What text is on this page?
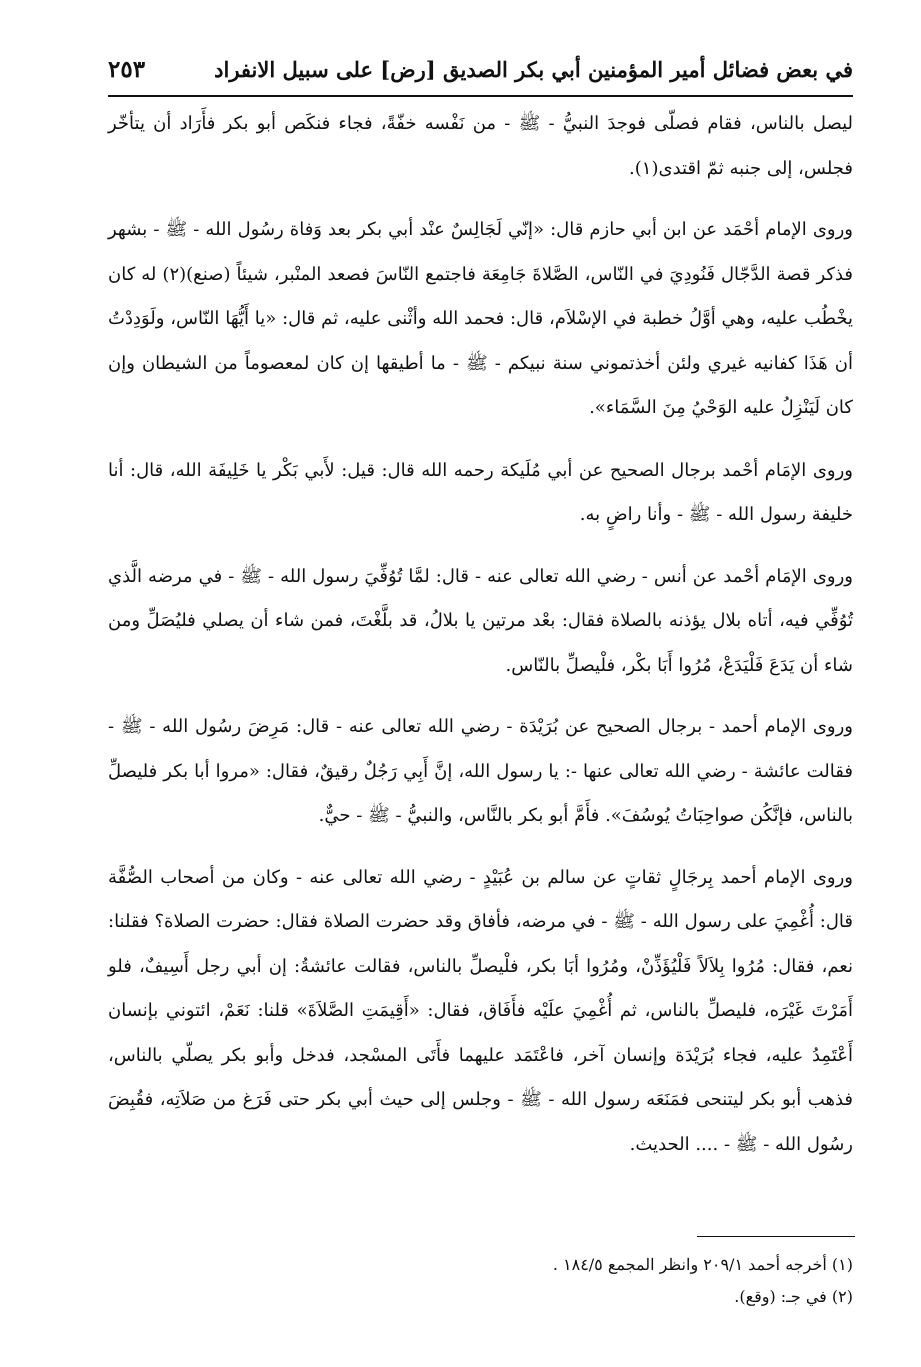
في بعض فضائل أمير المؤمنين أبي بكر الصديق [رض] على سبيل الانفراد
٢٥٣

ليصل بالناس، فقام فصلّى فوجدَ النبيُّ - ﷺ - من نَفْسه خفّةً، فجاء فنكَص أبو بكر فأَرَاد أن يتأخّر فجلس، إلى جنبه ثمّ اقتدى(١).

وروى الإمام أحْمَد عن ابن أبي حازم قال: «إنّي لَجَالِسٌ عنْد أبي بكر بعد وَفاة رسُول الله - ﷺ - بشهر فذكر قصة الدَّجّال فَنُودِيَ في النّاس، الصَّلاةَ جَامِعَة فاجتمع النّاسَ فصعد المنْبر، شيئاً (صنع)(٢) له كان يخْطُب عليه، وهي أوَّلُ خطبة في الإسْلاَم، قال: فحمد الله وأثْنى عليه، ثم قال: «يا أَيُّهَا النّاس، ولَوَدِدْتُ أن هَذَا كفانيه غيري ولئن أخذتموني سنة نبيكم - ﷺ - ما أطيقها إن كان لمعصوماً من الشيطان وإن كان لَيَنْزِلُ عليه الوَحْيُ مِنَ السَّمَاء».

وروى الإمَام أحْمد برجال الصحيح عن أبي مُلَيكة رحمه الله قال: قيل: لأَبي بَكْر يا خَلِيفَة الله، قال: أنا خليفة رسول الله - ﷺ - وأنا راضٍ به.

وروى الإمَام أحْمد عن أنس - رضي الله تعالى عنه - قال: لمَّا تُوُفِّيَ رسول الله - ﷺ - في مرضه الَّذي تُوُفِّي فيه، أتاه بلال يؤذنه بالصلاة فقال: بعْد مرتين يا بلالُ، قد بلَّغْتَ، فمن شاء أن يصلي فليُصَلِّ ومن شاء أن يَدَعَ فَلْيَدَعْ، مُرُوا أَبَا بكْر، فلْيصلِّ بالنّاس.

وروى الإمام أحمد - برجال الصحيح عن بُرَيْدَة - رضي الله تعالى عنه - قال: مَرِضَ رسُول الله - ﷺ - فقالت عائشة - رضي الله تعالى عنها -: يا رسول الله، إنَّ أَبِي رَجُلٌ رقيقٌ، فقال: «مروا أبا بكر فليصلِّ بالناس، فإنَّكُن صواحِبَاتُ يُوسُفَ». فأَمَّ أبو بكر بالنَّاس، والنبيُّ - ﷺ - حيٌّ.

وروى الإمام أحمد بِرجَالٍ ثقاتٍ عن سالم بن عُبَيْدٍ - رضي الله تعالى عنه - وكان من أصحاب الصُّفَّة قال: أُغْمِيَ على رسول الله - ﷺ - في مرضه، فأفاق وقد حضرت الصلاة فقال: حضرت الصلاة؟ فقلنا: نعم، فقال: مُرُوا بِلاَلاً فَلْيُؤَذِّنْ، ومُرُوا أبَا بكر، فلْيصلِّ بالناس، فقالت عائشةُ: إن أبي رجل أَسِيفٌ، فلو أَمَرْتَ غَيْرَه، فليصلِّ بالناس، ثم أُغْمِيَ علَيْه فأَفَاق، فقال: «أَقِيمَتِ الصَّلاَةَ» قلنا: نَعَمْ، ائتوني بإنسان أَعْتَمِدُ عليه، فجاء بُرَيْدَة وإنسان آخر، فاعْتَمَد عليهما فأَتَى المسْجد، فدخل وأبو بكر يصلّي بالناس، فذهب أبو بكر ليتنحى فمَنَعَه رسول الله - ﷺ - وجلس إلى حيث أبي بكر حتى فَرَغ من صَلاَتِه، فقُبِضَ رسُول الله - ﷺ - .... الحديث.

(١) أخرجه أحمد ٢٠٩/١ وانظر المجمع ١٨٤/٥ .

(٢) في جـ: (وقع).
